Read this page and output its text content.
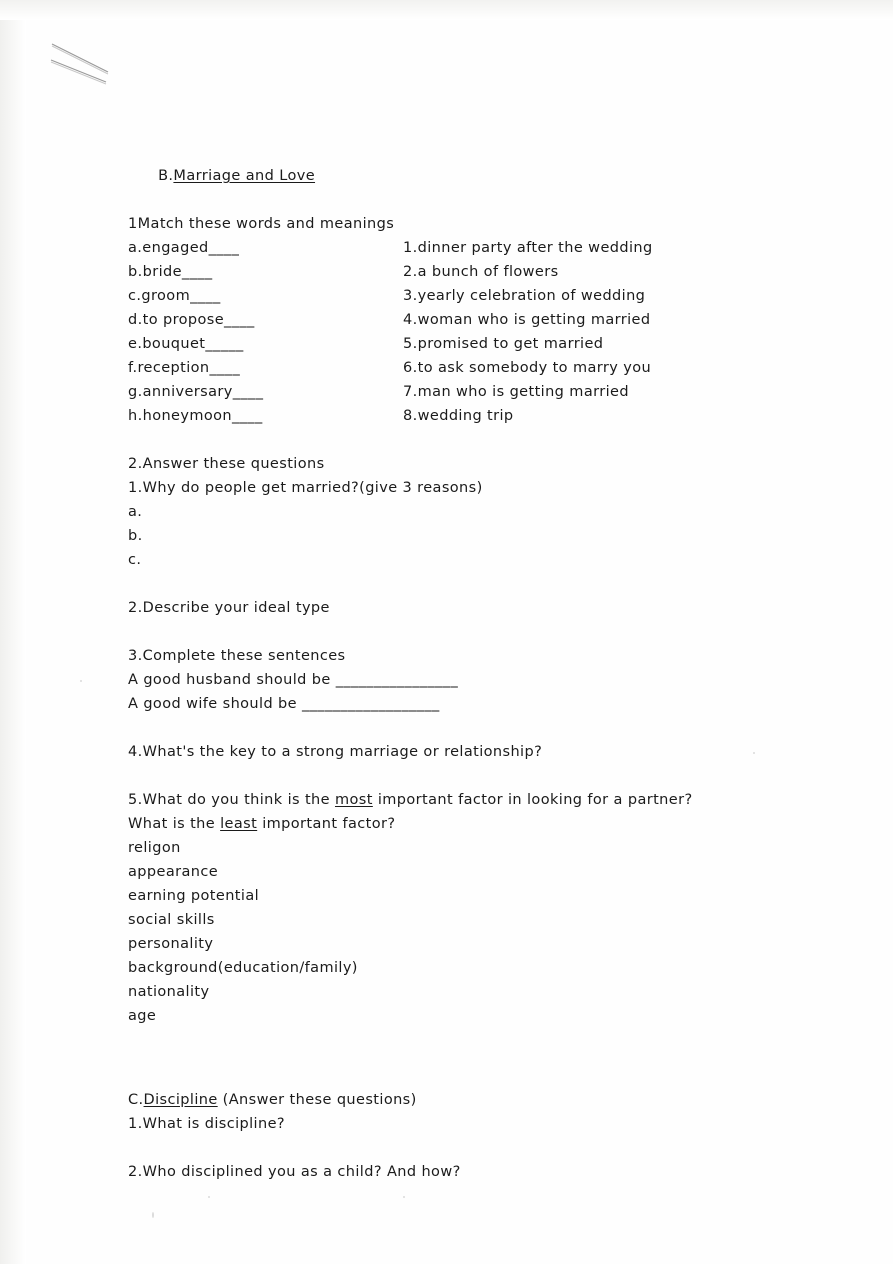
B.Marriage and Love

1Match these words and meanings
a.engaged____	1.dinner party after the wedding
b.bride____	2.a bunch of flowers
c.groom____	3.yearly celebration of wedding
d.to propose____	4.woman who is getting married
e.bouquet_____	5.promised to get married
f.reception____	6.to ask somebody to marry you
g.anniversary____	7.man who is getting married
h.honeymoon____	8.wedding trip
2.Answer these questions
1.Why do people get married?(give 3 reasons)
a.
b.
c.
2.Describe your ideal type
3.Complete these sentences
A good husband should be ________________
A good wife should be __________________
4.What's the key to a strong marriage or relationship?
5.What do you think is the most important factor in looking for a partner?
What is the least important factor?
religon
appearance
earning potential
social skills
personality
background(education/family)
nationality
age
C.Discipline (Answer these questions)
1.What is discipline?
2.Who disciplined you as a child? And how?
